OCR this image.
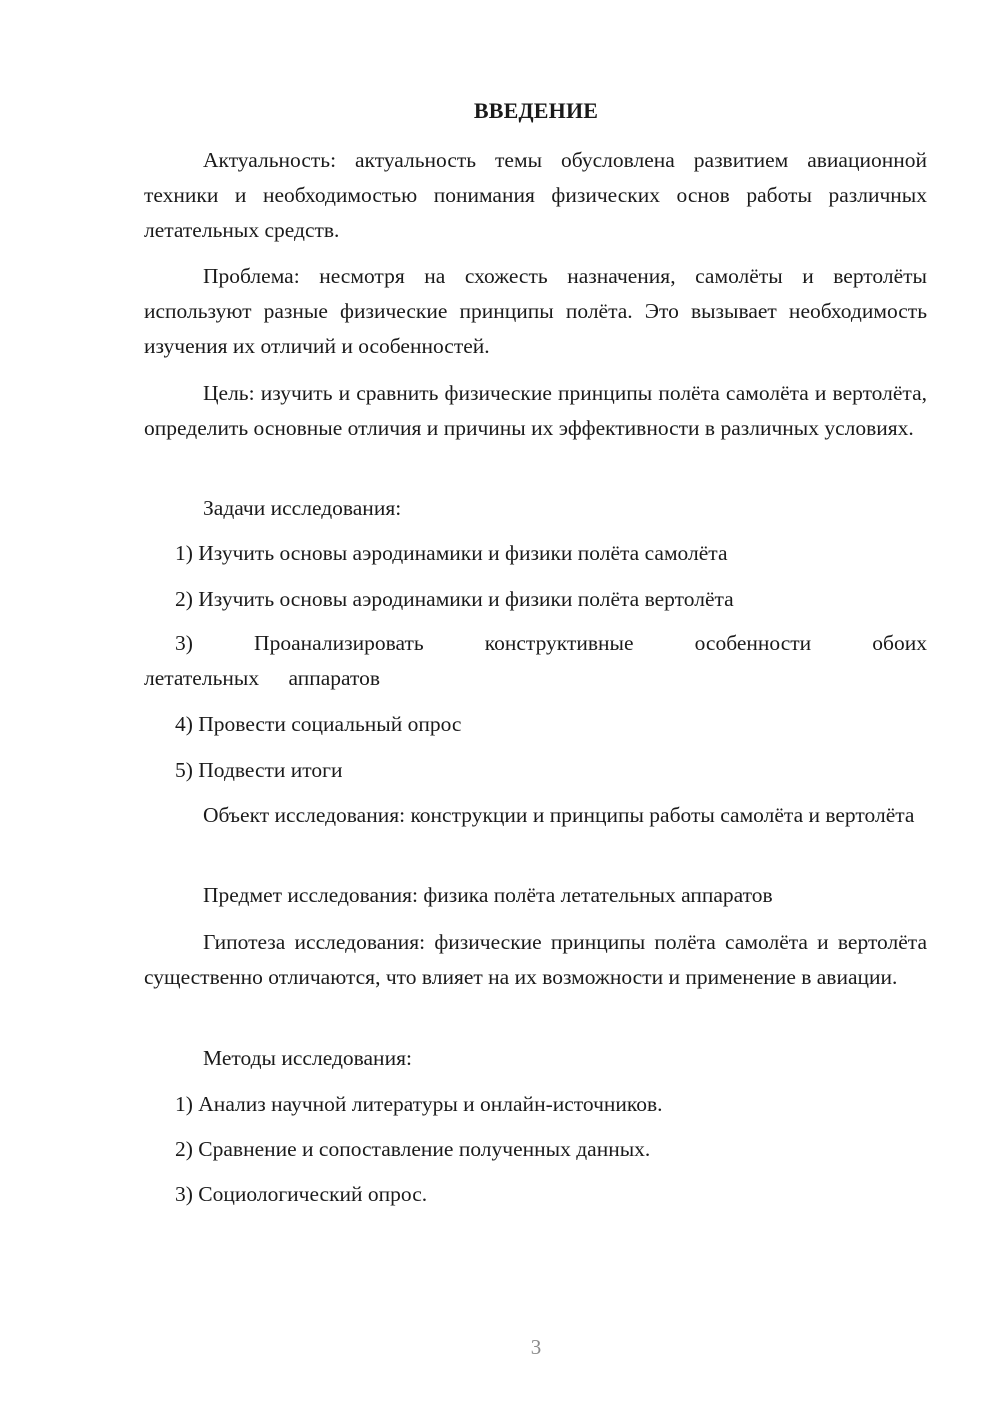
ВВЕДЕНИЕ
Актуальность: актуальность темы обусловлена развитием авиационной техники и необходимостью понимания физических основ работы различных летательных средств.
Проблема: несмотря на схожесть назначения, самолёты и вертолёты используют разные физические принципы полёта. Это вызывает необходимость изучения их отличий и особенностей.
Цель: изучить и сравнить физические принципы полёта самолёта и вертолёта, определить основные отличия и причины их эффективности в различных условиях.
Задачи исследования:
1) Изучить основы аэродинамики и физики полёта самолёта
2) Изучить основы аэродинамики и физики полёта вертолёта
3) Проанализировать конструктивные особенности обоих летательных аппаратов
4) Провести социальный опрос
5) Подвести итоги
Объект исследования: конструкции и принципы работы самолёта и вертолёта
Предмет исследования: физика полёта летательных аппаратов
Гипотеза исследования: физические принципы полёта самолёта и вертолёта существенно отличаются, что влияет на их возможности и применение в авиации.
Методы исследования:
1) Анализ научной литературы и онлайн-источников.
2) Сравнение и сопоставление полученных данных.
3) Социологический опрос.
3
